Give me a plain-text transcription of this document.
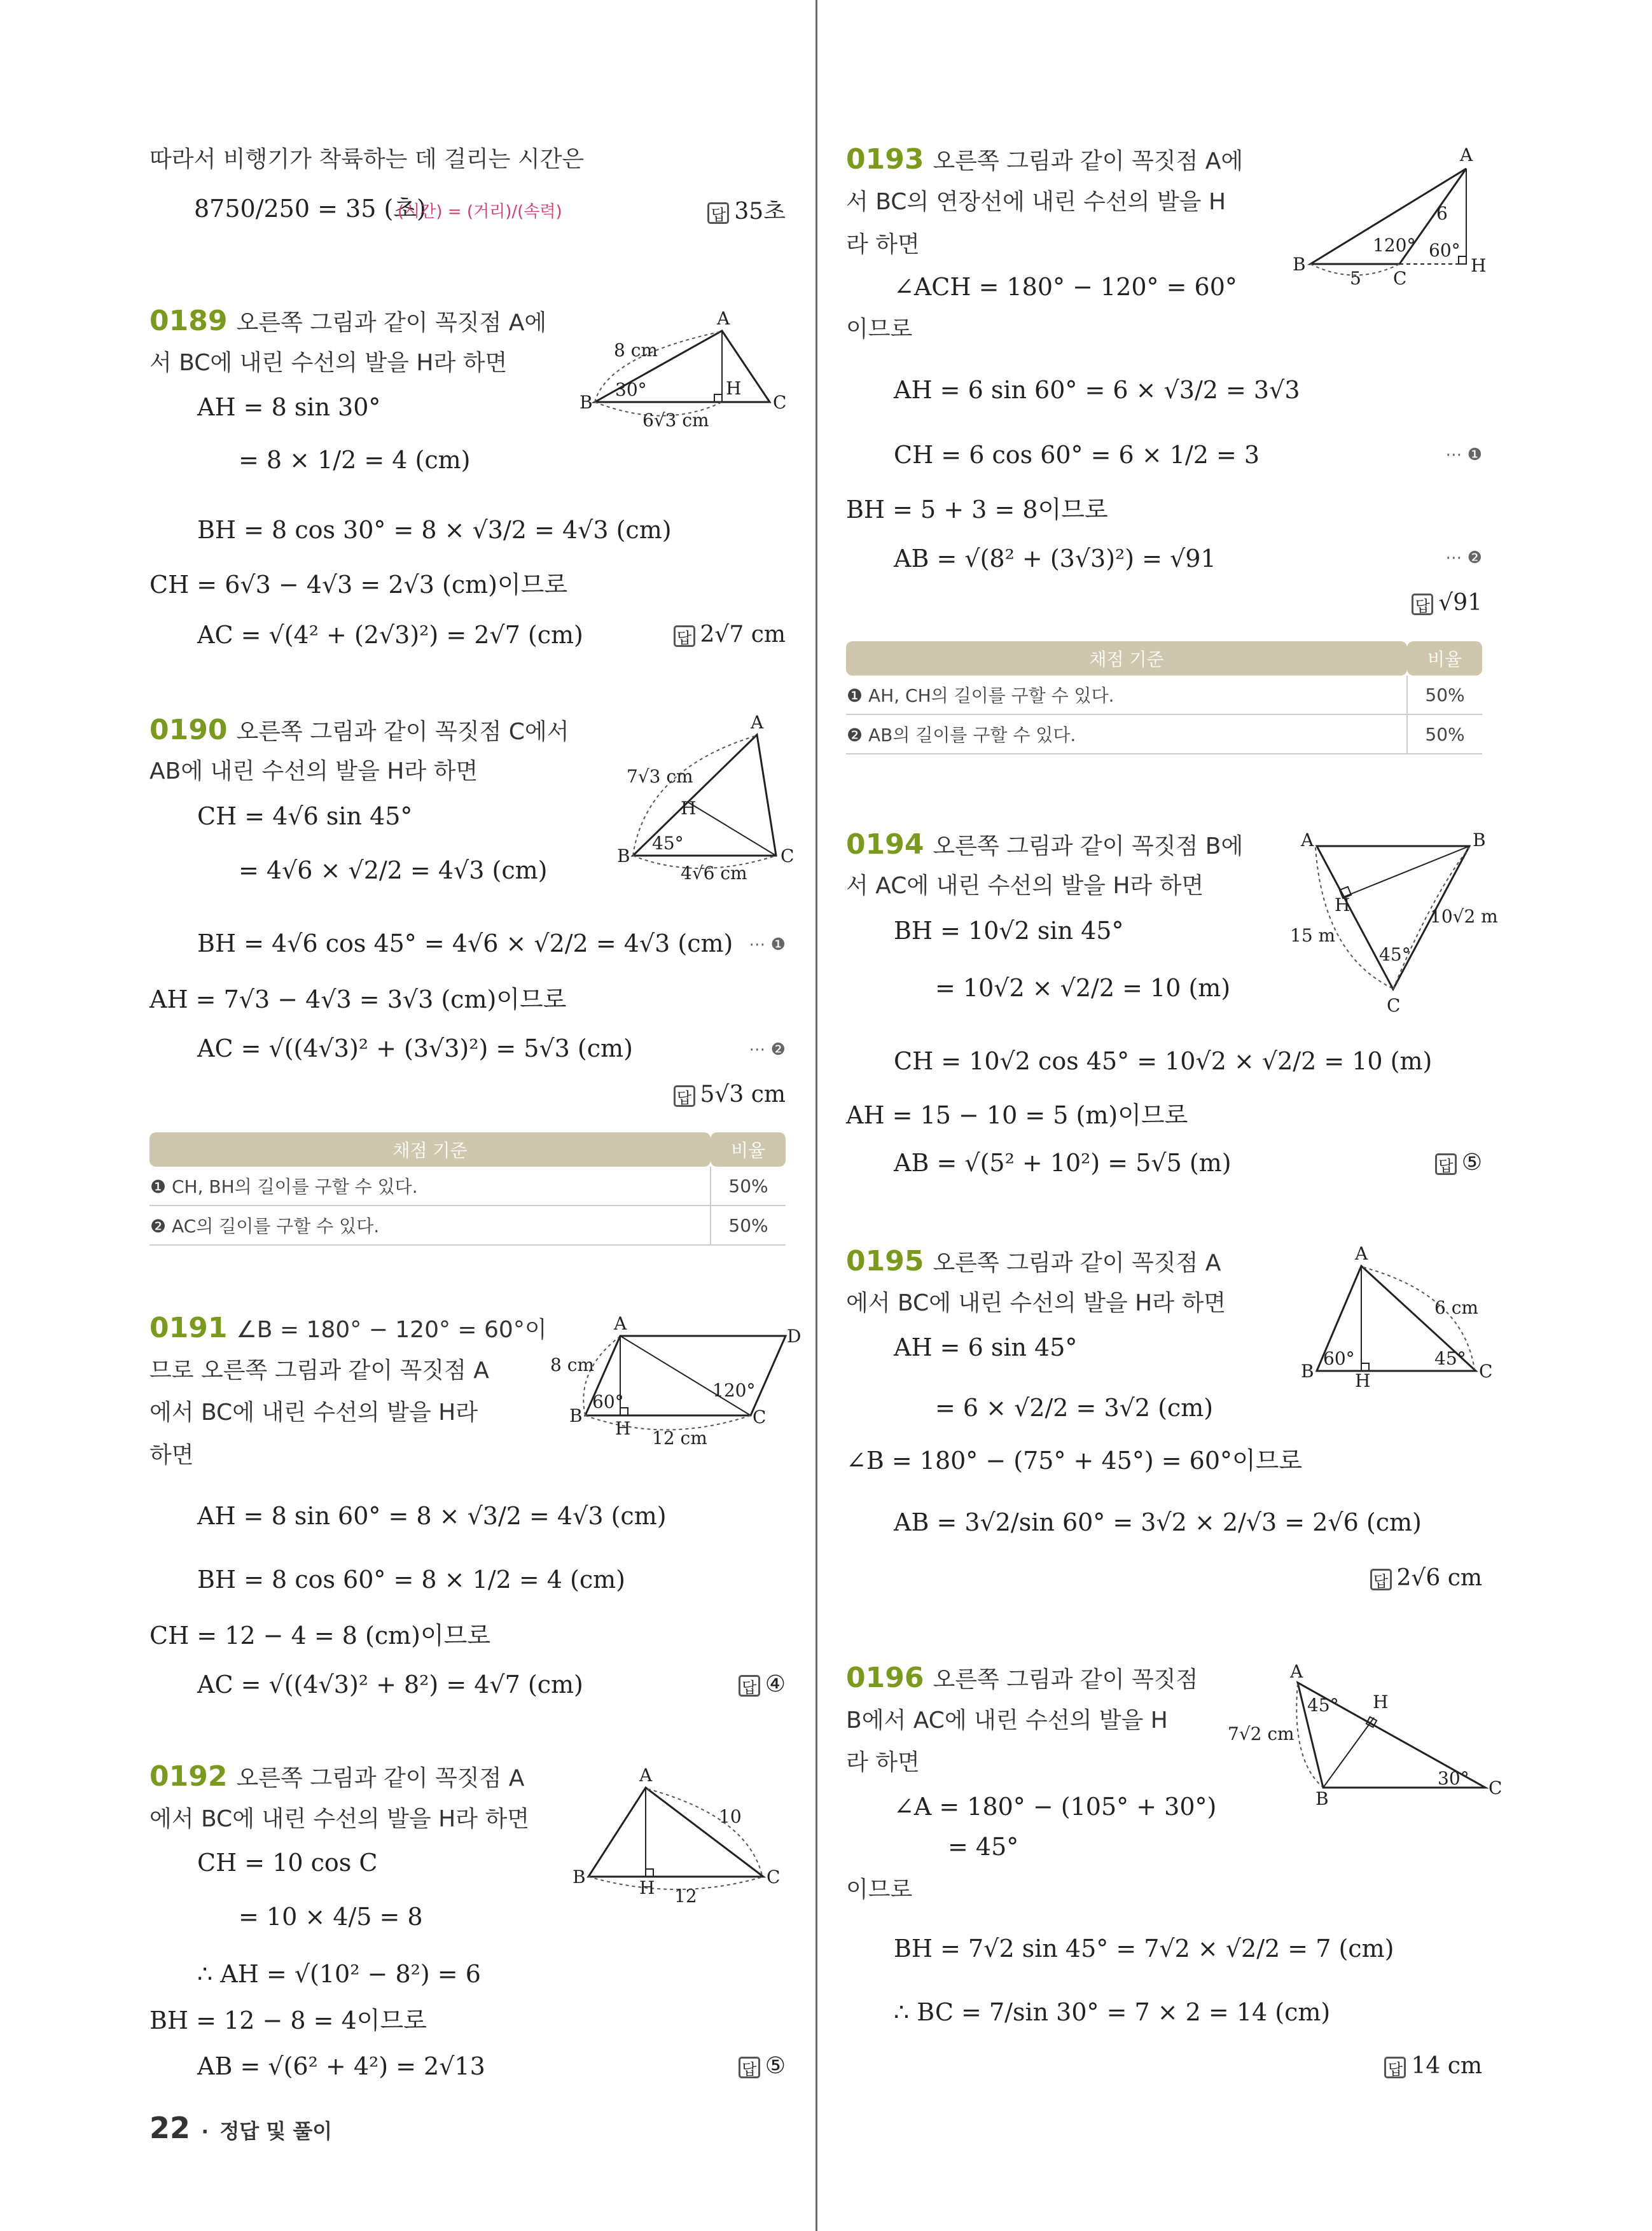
따라서 비행기가 착륙하는 데 걸리는 시간은
8750/250 = 35 (초)
(시간) = (거리)/(속력)	답 35초
0189 오른쪽 그림과 같이 꼭짓점 A에
서 BC에 내린 수선의 발을 H라 하면
AH = 8 sin 30°
= 8 × 1/2 = 4 (cm)
BH = 8 cos 30° = 8 × √3/2 = 4√3 (cm)
CH = 6√3 − 4√3 = 2√3 (cm)이므로
AC = √(4² + (2√3)²) = 2√7 (cm)	답 2√7 cm
A
B	C
H
8 cm
30°
6√3 cm
0190 오른쪽 그림과 같이 꼭짓점 C에서
AB에 내린 수선의 발을 H라 하면
CH = 4√6 sin 45°
= 4√6 × √2/2 = 4√3 (cm)
BH = 4√6 cos 45° = 4√6 × √2/2 = 4√3 (cm) ⋯ ❶
AH = 7√3 − 4√3 = 3√3 (cm)이므로
AC = √((4√3)² + (3√3)²) = 5√3 (cm)	⋯ ❷
답 5√3 cm
A
B	C
H
7√3 cm
45°
4√6 cm
채점 기준	비율
❶ CH, BH의 길이를 구할 수 있다.	50%
❷ AC의 길이를 구할 수 있다.	50%
0191 ∠B = 180° − 120° = 60°이
므로 오른쪽 그림과 같이 꼭짓점 A
에서 BC에 내린 수선의 발을 H라
하면
AH = 8 sin 60° = 8 × √3/2 = 4√3 (cm)
BH = 8 cos 60° = 8 × 1/2 = 4 (cm)
CH = 12 − 4 = 8 (cm)이므로
AC = √((4√3)² + 8²) = 4√7 (cm)	답 ④
A
B	C
D
H
8 cm
60°
120°
12 cm
0192 오른쪽 그림과 같이 꼭짓점 A
에서 BC에 내린 수선의 발을 H라 하면
CH = 10 cos C
= 10 × 4/5 = 8
∴ AH = √(10² − 8²) = 6
BH = 12 − 8 = 4이므로
AB = √(6² + 4²) = 2√13	답 ⑤
A
B	C
H
10
12
22 · 정답 및 풀이
0193 오른쪽 그림과 같이 꼭짓점 A에
서 BC의 연장선에 내린 수선의 발을 H
라 하면
∠ACH = 180° − 120° = 60°
이므로
AH = 6 sin 60° = 6 × √3/2 = 3√3
CH = 6 cos 60° = 6 × 1/2 = 3	⋯ ❶
BH = 5 + 3 = 8이므로
AB = √(8² + (3√3)²) = √91	⋯ ❷
답 √91
A
B
C
H
6
120° 60°
5
채점 기준	비율
❶ AH, CH의 길이를 구할 수 있다.	50%
❷ AB의 길이를 구할 수 있다.	50%
0194 오른쪽 그림과 같이 꼭짓점 B에
서 AC에 내린 수선의 발을 H라 하면
BH = 10√2 sin 45°
= 10√2 × √2/2 = 10 (m)
CH = 10√2 cos 45° = 10√2 × √2/2 = 10 (m)
AH = 15 − 10 = 5 (m)이므로
AB = √(5² + 10²) = 5√5 (m)	답 ⑤
A	B
C
H
15 m
10√2 m
45°
0195 오른쪽 그림과 같이 꼭짓점 A
에서 BC에 내린 수선의 발을 H라 하면
AH = 6 sin 45°
= 6 × √2/2 = 3√2 (cm)
∠B = 180° − (75° + 45°) = 60°이므로
AB = 3√2/sin 60° = 3√2 × 2/√3 = 2√6 (cm)
답 2√6 cm
A
B	C
H
6 cm
60°	45°
0196 오른쪽 그림과 같이 꼭짓점
B에서 AC에 내린 수선의 발을 H
라 하면
∠A = 180° − (105° + 30°)
= 45°
이므로
BH = 7√2 sin 45° = 7√2 × √2/2 = 7 (cm)
∴ BC = 7/sin 30° = 7 × 2 = 14 (cm)
답 14 cm
A
B
C
H
7√2 cm
45°
30°
